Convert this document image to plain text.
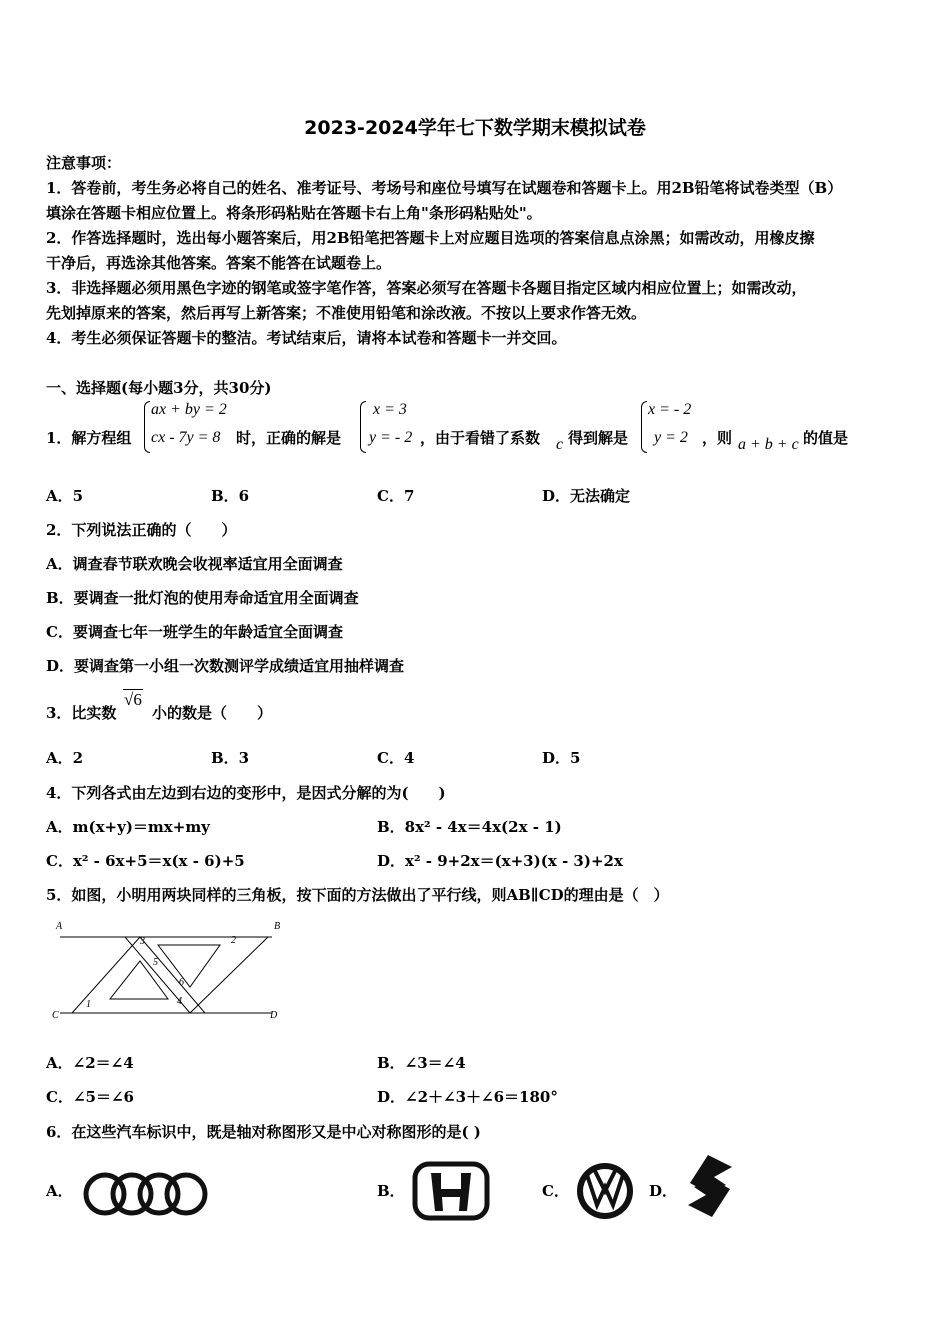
2023-2024学年七下数学期末模拟试卷
注意事项：
1．答卷前，考生务必将自己的姓名、准考证号、考场号和座位号填写在试题卷和答题卡上。用2B铅笔将试卷类型（B）
填涂在答题卡相应位置上。将条形码粘贴在答题卡右上角"条形码粘贴处"。
2．作答选择题时，选出每小题答案后，用2B铅笔把答题卡上对应题目选项的答案信息点涂黑；如需改动，用橡皮擦
干净后，再选涂其他答案。答案不能答在试题卷上。
3．非选择题必须用黑色字迹的钢笔或签字笔作答，答案必须写在答题卡各题目指定区域内相应位置上；如需改动，
先划掉原来的答案，然后再写上新答案；不准使用铅笔和涂改液。不按以上要求作答无效。
4．考生必须保证答题卡的整洁。考试结束后，请将本试卷和答题卡一并交回。
一、选择题(每小题3分，共30分)
1．解方程组
ax + by = 2
cx - 7y = 8 时，正确的解是
x = 3
y = - 2 ，由于看错了系数 c 得到解是
x = - 2
y = 2 ，则 a + b + c 的值是
A．5	B．6	C．7	D．无法确定
2．下列说法正确的（　　）
A．调查春节联欢晚会收视率适宜用全面调查
B．要调查一批灯泡的使用寿命适宜用全面调查
C．要调查七年一班学生的年龄适宜全面调查
D．要调查第一小组一次数测评学成绩适宜用抽样调查
3．比实数
√6
小的数是（　　）
A．2	B．3	C．4	D．5
4．下列各式由左边到右边的变形中，是因式分解的为(　　)
A．m(x+y)＝mx+my	B．8x² - 4x＝4x(2x - 1)
C．x² - 6x+5＝x(x - 6)+5	D．x² - 9+2x＝(x+3)(x - 3)+2x
5．如图，小明用两块同样的三角板，按下面的方法做出了平行线，则AB∥CD的理由是（　）
A	B
C	D
1
2
3
4
5
6
A．∠2＝∠4	B．∠3＝∠4
C．∠5＝∠6	D．∠2＋∠3＋∠6＝180°
6．在这些汽车标识中，既是轴对称图形又是中心对称图形的是( )
A．	B．	C．	D．
